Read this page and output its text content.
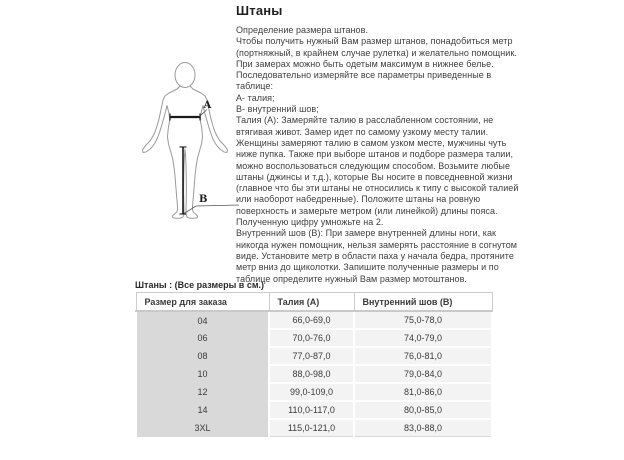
A
B
Штаны
Определение размера штанов.
Чтобы получить нужный Вам размер штанов, понадобиться метр
(портняжный, в крайнем случае рулетка) и желательно помощник.
При замерах можно быть одетым максимум в нижнее белье.
Последовательно измеряйте все параметры приведенные в
таблице:
А- талия;
В- внутренний шов;
Талия (А): Замеряйте талию в расслабленном состоянии, не
втягивая живот. Замер идет по самому узкому месту талии.
Женщины замеряют талию в самом узком месте, мужчины чуть
ниже пупка. Также при выборе штанов и подборе размера талии,
можно воспользоваться следующим способом. Возьмите любые
штаны (джинсы и т.д.), которые Вы носите в повседневной жизни
(главное что бы эти штаны не относились к типу с высокой талией
или наоборот набедренные). Положите штаны на ровную
поверхность и замерьте метром (или линейкой) длины пояса.
Полученную цифру умножьте на 2.
Внутренний шов (В): При замере внутренней длины ноги, как
никогда нужен помощник, нельзя замерять расстояние в согнутом
виде. Установите метр в области паха у начала бедра, протяните
метр вниз до щиколотки. Запишите полученные размеры и по
таблице определите нужный Вам размер мотоштанов.
Штаны : (Все размеры в см.)
Размер для заказа	Талия (А)	Внутренний шов (В)
04	66,0-69,0	75,0-78,0
06	70,0-76,0	74,0-79,0
08	77,0-87,0	76,0-81,0
10	88,0-98,0	79,0-84,0
12	99,0-109,0	81,0-86,0
14	110,0-117,0	80,0-85,0
3XL	115,0-121,0	83,0-88,0
